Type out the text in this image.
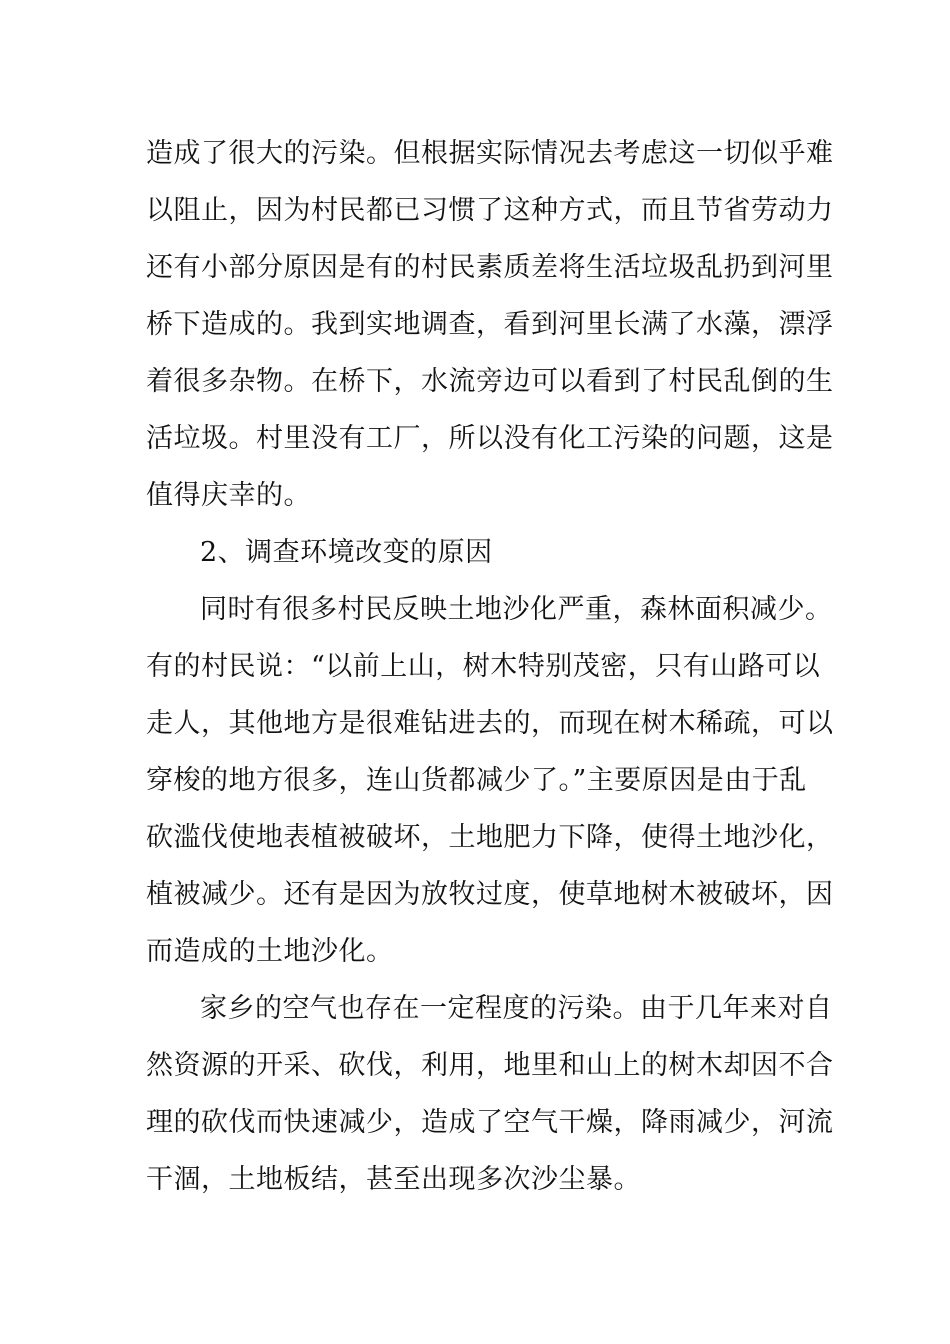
造成了很大的污染。但根据实际情况去考虑这一切似乎难
以阻止，因为村民都已习惯了这种方式，而且节省劳动力
还有小部分原因是有的村民素质差将生活垃圾乱扔到河里
桥下造成的。我到实地调查，看到河里长满了水藻，漂浮
着很多杂物。在桥下，水流旁边可以看到了村民乱倒的生
活垃圾。村里没有工厂，所以没有化工污染的问题，这是
值得庆幸的。

2、调查环境改变的原因

同时有很多村民反映土地沙化严重，森林面积减少。
有的村民说：“以前上山，树木特别茂密，只有山路可以
走人，其他地方是很难钻进去的，而现在树木稀疏，可以
穿梭的地方很多，连山货都减少了。”主要原因是由于乱
砍滥伐使地表植被破坏，土地肥力下降，使得土地沙化，
植被减少。还有是因为放牧过度，使草地树木被破坏，因
而造成的土地沙化。

家乡的空气也存在一定程度的污染。由于几年来对自
然资源的开采、砍伐，利用，地里和山上的树木却因不合
理的砍伐而快速减少，造成了空气干燥，降雨减少，河流
干涸，土地板结，甚至出现多次沙尘暴。
